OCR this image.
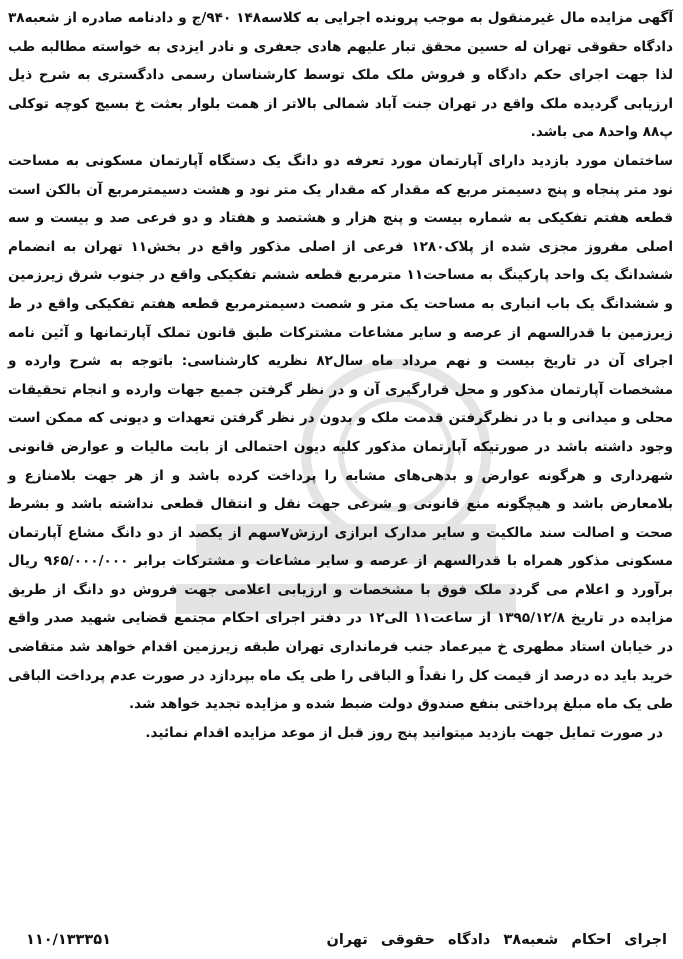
آگهی مزایده مال غیرمنقول به موجب پرونده اجرایی به کلاسه۱۴۸ ۹۴۰/ج و دادنامه صادره از شعبه۳۸ دادگاه حقوقی تهران له حسین محقق تبار علیهم هادی جعفری و نادر ایزدی به خواسته مطالبه طب لذا جهت اجرای حکم دادگاه و فروش ملک ملک توسط کارشناسان رسمی دادگستری به شرح ذیل ارزیابی گردیده ملک واقع در تهران جنت آباد شمالی بالاتر از همت بلوار بعثت خ بسیج کوچه توکلی پ۸۸ واحد۸ می باشد.

ساختمان مورد بازدید دارای آپارتمان مورد تعرفه دو دانگ یک دستگاه آپارتمان مسکونی به مساحت نود متر پنجاه و پنج دسیمتر مربع که مقدار که مقدار یک متر نود و هشت دسیمترمربع آن بالکن است قطعه هفتم تفکیکی به شماره بیست و پنج هزار و هشتصد و هفتاد و دو فرعی صد و بیست و سه اصلی مفروز مجزی شده از پلاک۱۲۸۰ فرعی از اصلی مذکور واقع در بخش۱۱ تهران به انضمام ششدانگ یک واحد پارکینگ به مساحت۱۱ مترمربع قطعه ششم تفکیکی واقع در جنوب شرق زیرزمین و ششدانگ یک باب انباری به مساحت یک متر و شصت دسیمترمربع قطعه هفتم تفکیکی واقع در ط زیرزمین با قدرالسهم از عرصه و سایر مشاعات مشترکات طبق قانون تملک آپارتمانها و آئین نامه اجرای آن در تاریخ بیست و نهم مرداد ماه سال۸۲ نظریه کارشناسی: باتوجه به شرح وارده و مشخصات آپارتمان مذکور و محل قرارگیری آن و در نظر گرفتن جمیع جهات وارده و انجام تحقیقات محلی و میدانی و با در نظرگرفتن قدمت ملک و بدون در نظر گرفتن تعهدات و دیونی که ممکن است وجود داشته باشد در صورتیکه آپارتمان مذکور کلیه دیون احتمالی از بابت مالیات و عوارض قانونی شهرداری و هرگونه عوارض و بدهی‌های مشابه را پرداخت کرده باشد و از هر جهت بلامنازع و بلامعارض باشد و هیچگونه منع قانونی و شرعی جهت نقل و انتقال قطعی نداشته باشد و بشرط صحت و اصالت سند مالکیت و سایر مدارک ابرازی ارزش۷سهم از یکصد از دو دانگ مشاع آپارتمان مسکونی مذکور همراه با قدرالسهم از عرصه و سایر مشاعات و مشترکات برابر ۹۶۵/۰۰۰/۰۰۰ ریال برآورد و اعلام می گردد ملک فوق با مشخصات و ارزیابی اعلامی جهت فروش دو دانگ از طریق مزایده در تاریخ ۱۳۹۵/۱۲/۸ از ساعت۱۱ الی۱۲ در دفتر اجرای احکام مجتمع قضایی شهید صدر واقع در خیابان استاد مطهری خ میرعماد جنب فرمانداری تهران طبقه زیرزمین اقدام خواهد شد متقاضی خرید باید ده درصد از قیمت کل را نقداً و الباقی را طی یک ماه بپردازد در صورت عدم پرداخت الباقی طی یک ماه مبلغ پرداختی بنفع صندوق دولت ضبط شده و مزایده تجدید خواهد شد.

در صورت تمایل جهت بازدید میتوانید پنج روز قبل از موعد مزایده اقدام نمائید.

اجرای احکام شعبه۳۸ دادگاه حقوقی تهران
۱۱۰/۱۳۳۳۵۱
